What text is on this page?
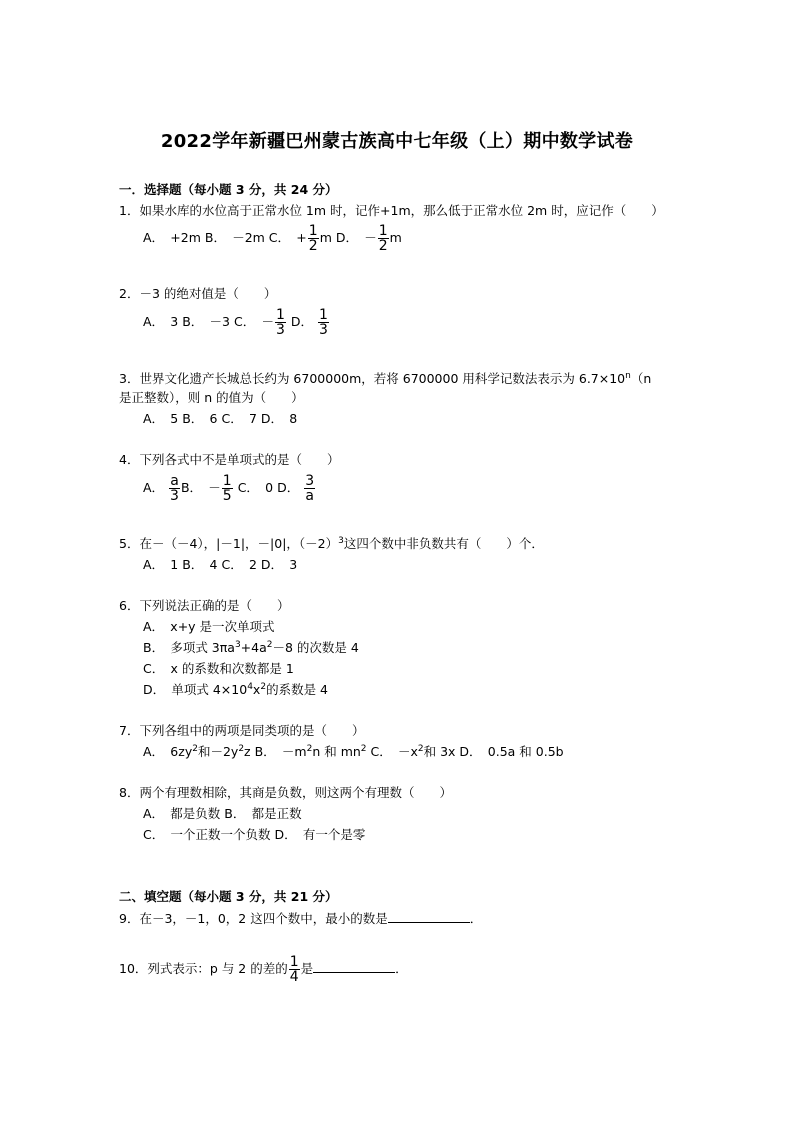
2022学年新疆巴州蒙古族高中七年级（上）期中数学试卷
一．选择题（每小题 3 分，共 24 分）
1．如果水库的水位高于正常水位 1m 时，记作+1m，那么低于正常水位 2m 时，应记作（　　）
A．　+2m B．　－2m C．　+ $\frac{1}{2}$ m D．　－ $\frac{1}{2}$ m
2．－3 的绝对值是（　　）
A．　3 B．　－3 C．　－ $\frac{1}{3}$ D． $\frac{1}{3}$
3．世界文化遗产长城总长约为 6700000m，若将 6700000 用科学记数法表示为 $6.7\times 10^n(n$
是正整数），则 n 的值为（　　）
A．　5 B．　6 C．　7 D．　8
4．下列各式中不是单项式的是（　　）
A． $\frac{a}{3}$ B．　－ $\frac{1}{5}$ C．　0 D． $\frac{3}{a}$
5．在－（－4），|－1|，－|0|，$(-2)^3$这四个数中非负数共有（　　）个．
A．　1 B．　4 C．　2 D．　3
6．下列说法正确的是（　　）
A．　x+y 是一次单项式
B．　多项式 $3\pi a^3+4a^2-8$ 的次数是 4
C．　x 的系数和次数都是 1
D．　单项式 $4\times 10^4x^2$的系数是 4
7．下列各组中的两项是同类项的是（　　）
A．　$6zy^2$和$-2y^2z$ B．　$-m^2n$ 和 $mn^2$ C．　$-x^2$和 3x D．　0.5a 和 0.5b
8．两个有理数相除，其商是负数，则这两个有理数（　　）
A．　都是负数 B．　都是正数
C．　一个正数一个负数 D．　有一个是零
二、填空题（每小题 3 分，共 21 分）
9．在－3，－1，0，2 这四个数中，最小的数是	．
10．列式表示：p 与 2 的差的 $\frac{1}{4}$ 是	．
